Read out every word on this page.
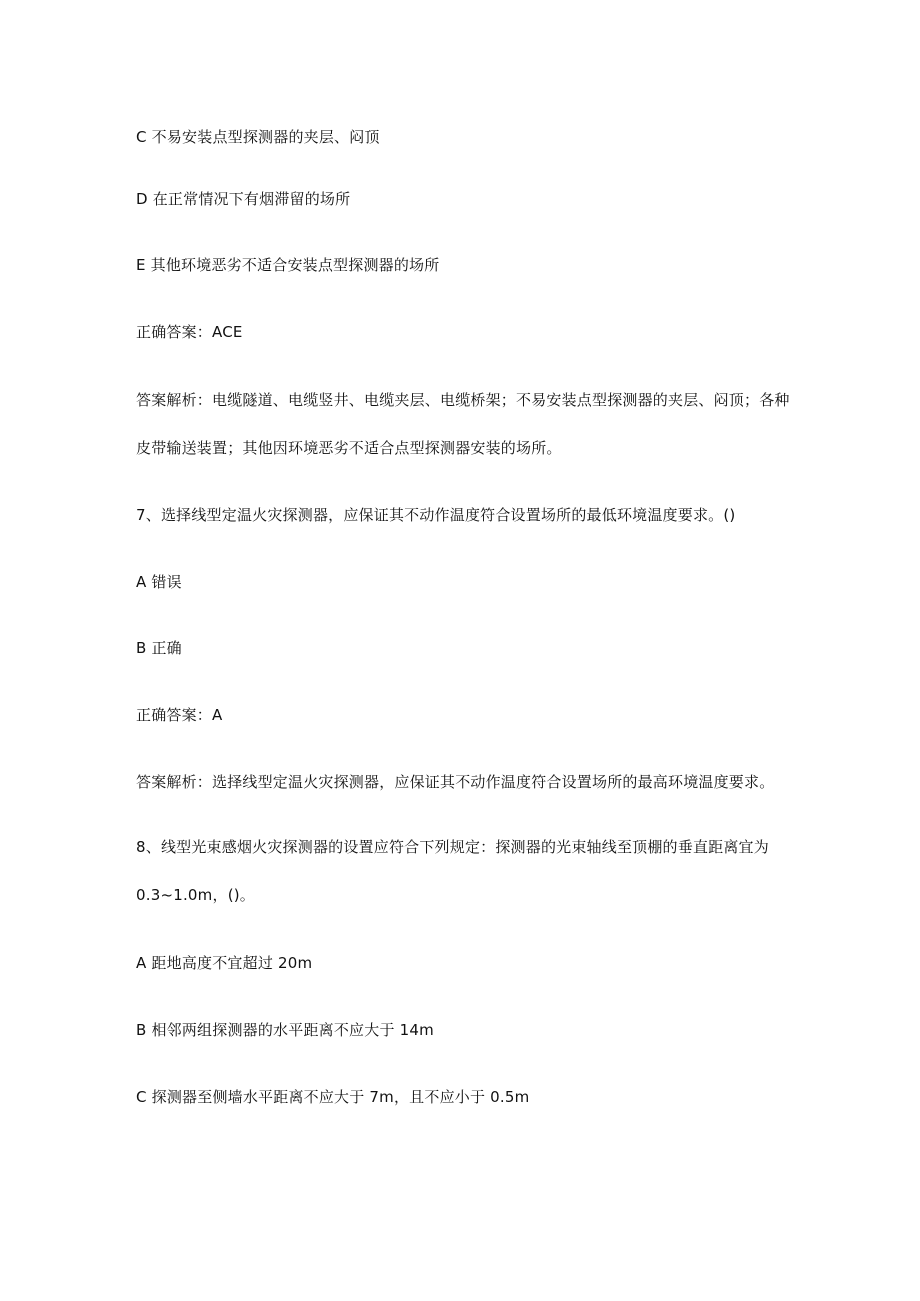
C 不易安装点型探测器的夹层、闷顶
D 在正常情况下有烟滞留的场所
E 其他环境恶劣不适合安装点型探测器的场所
正确答案：ACE
答案解析：电缆隧道、电缆竖井、电缆夹层、电缆桥架；不易安装点型探测器的夹层、闷顶；各种
皮带输送装置；其他因环境恶劣不适合点型探测器安装的场所。
7、选择线型定温火灾探测器，应保证其不动作温度符合设置场所的最低环境温度要求。()
A 错误
B 正确
正确答案：A
答案解析：选择线型定温火灾探测器，应保证其不动作温度符合设置场所的最高环境温度要求。
8、线型光束感烟火灾探测器的设置应符合下列规定：探测器的光束轴线至顶棚的垂直距离宜为
0.3~1.0m，()。
A 距地高度不宜超过 20m
B 相邻两组探测器的水平距离不应大于 14m
C 探测器至侧墙水平距离不应大于 7m，且不应小于 0.5m
